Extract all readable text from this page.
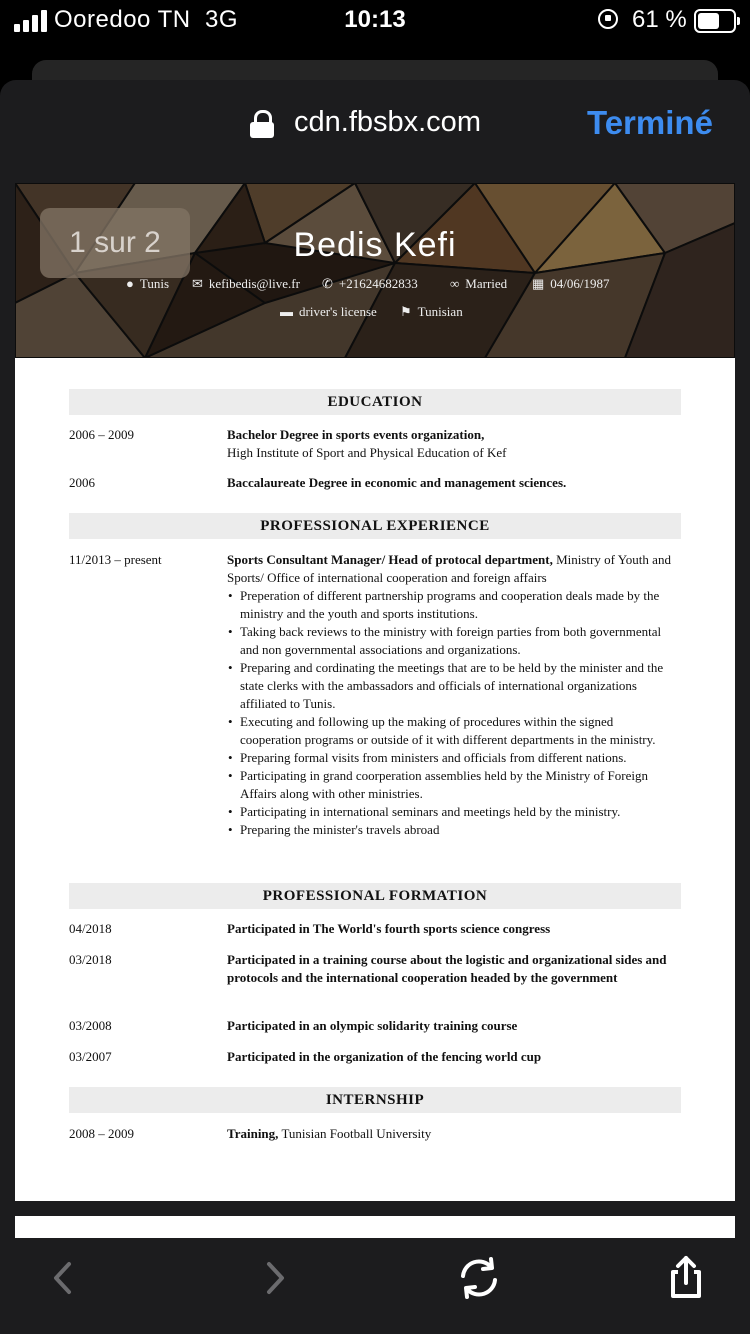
Ooredoo TN 3G	10:13	61 %
cdn.fbsbx.com	Terminé
EDUCATION
2006 – 2009	Bachelor Degree in sports events organization,
High Institute of Sport and Physical Education of Kef
2006	Baccalaureate Degree in economic and management sciences.
PROFESSIONAL EXPERIENCE
11/2013 – present	Sports Consultant Manager/ Head of protocal department, Ministry of Youth and Sports/ Office of international cooperation and foreign affairs
• Preperation of different partnership programs and cooperation deals made by the ministry and the youth and sports institutions.
• Taking back reviews to the ministry with foreign parties from both governmental and non governmental associations and organizations.
• Preparing and cordinating the meetings that are to be held by the minister and the state clerks with the ambassadors and officials of international organizations affiliated to Tunis.
• Executing and following up the making of procedures within the signed cooperation programs or outside of it with different departments in the ministry.
• Preparing formal visits from ministers and officials from different nations.
• Participating in grand coorperation assemblies held by the Ministry of Foreign Affairs along with other ministries.
• Participating in international seminars and meetings held by the ministry.
• Preparing the minister's travels abroad
PROFESSIONAL FORMATION
04/2018	Participated in The World's fourth sports science congress
03/2018	Participated in a training course about the logistic and organizational sides and protocols and the international cooperation headed by the government
03/2008	Participated in an olympic solidarity training course
03/2007	Participated in the organization of the fencing world cup
INTERNSHIP
2008 – 2009	Training, Tunisian Football University
1 sur 2	Bedis Kefi
● Tunis ✉ kefibedis@live.fr ✆ +21624682833 ∞ Married ▦ 04/06/1987
▬ driver's license ⚑ Tunisian
